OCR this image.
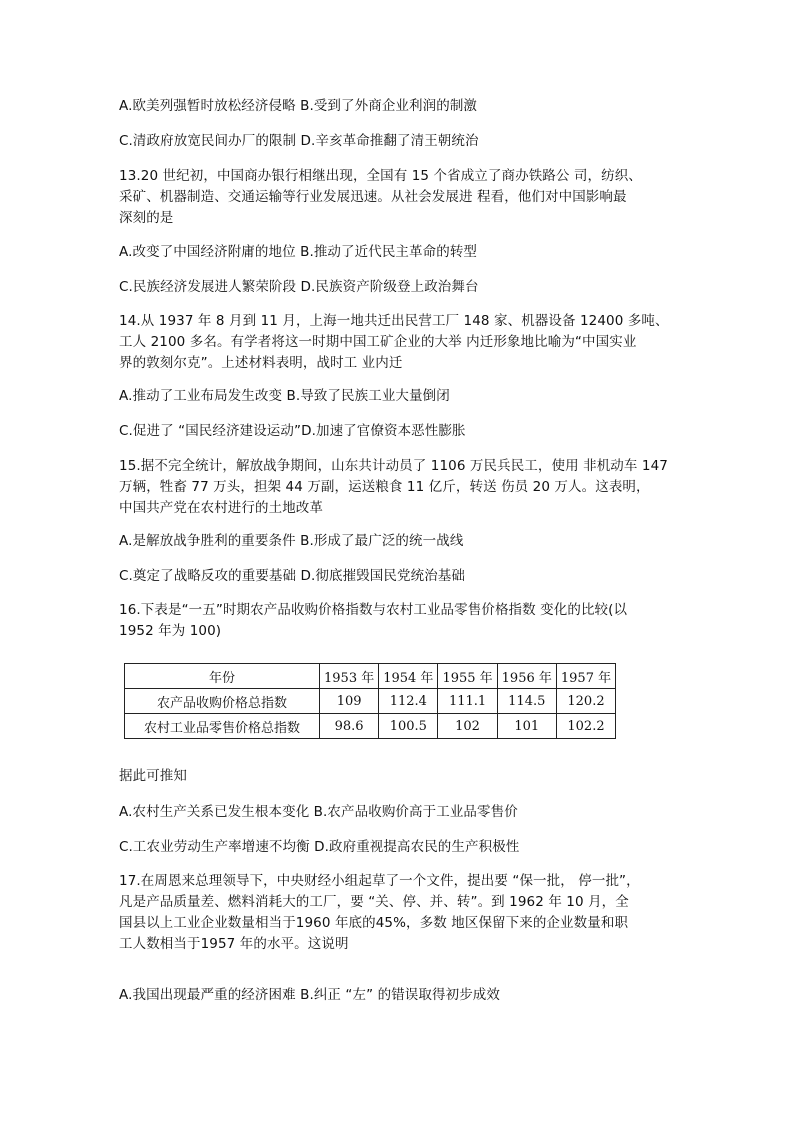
A.欧美列强暂时放松经济侵略 B.受到了外商企业利润的制激
C.清政府放宽民间办厂的限制 D.辛亥革命推翻了清王朝统治
13.20 世纪初，中国商办银行相继出现，全国有 15 个省成立了商办铁路公 司，纺织、
采矿、机器制造、交通运输等行业发展迅速。从社会发展进 程看，他们对中国影响最
深刻的是
A.改变了中国经济附庸的地位 B.推动了近代民主革命的转型
C.民族经济发展进人繁荣阶段 D.民族资产阶级登上政治舞台
14.从 1937 年 8 月到 11 月，上海一地共迁出民营工厂 148 家、机器设备 12400 多吨、
工人 2100 多名。有学者将这一时期中国工矿企业的大举 内迁形象地比喻为“中国实业
界的敦刻尔克”。上述材料表明，战时工 业内迁
A.推动了工业布局发生改变 B.导致了民族工业大量倒闭
C.促进了 “国民经济建设运动”D.加速了官僚资本恶性膨胀
15.据不完全统计，解放战争期间，山东共计动员了 1106 万民兵民工，使用 非机动车 147
万辆，牲畜 77 万头，担架 44 万副，运送粮食 11 亿斤，转送 伤员 20 万人。这表明，
中国共产党在农村进行的土地改革
A.是解放战争胜利的重要条件 B.形成了最广泛的统一战线
C.奠定了战略反攻的重要基础 D.彻底摧毁国民党统治基础
16.下表是“一五”时期农产品收购价格指数与农村工业品零售价格指数 变化的比较(以
1952 年为 100)
年份	1953 年	1954 年	1955 年	1956 年	1957 年
农产品收购价格总指数	109	112.4	111.1	114.5	120.2
农村工业品零售价格总指数	98.6	100.5	102	101	102.2
据此可推知
A.农村生产关系已发生根本变化 B.农产品收购价高于工业品零售价
C.工农业劳动生产率增速不均衡 D.政府重视提高农民的生产积极性
17.在周恩来总理领导下，中央财经小组起草了一个文件，提出要 “保一批， 停一批”，
凡是产品质量差、燃料消耗大的工厂，要 “关、停、并、转”。到 1962 年 10 月，全
国县以上工业企业数量相当于1960 年底的45%，多数 地区保留下来的企业数量和职
工人数相当于1957 年的水平。这说明
A.我国出现最严重的经济困难 B.纠正 “左” 的错误取得初步成效
